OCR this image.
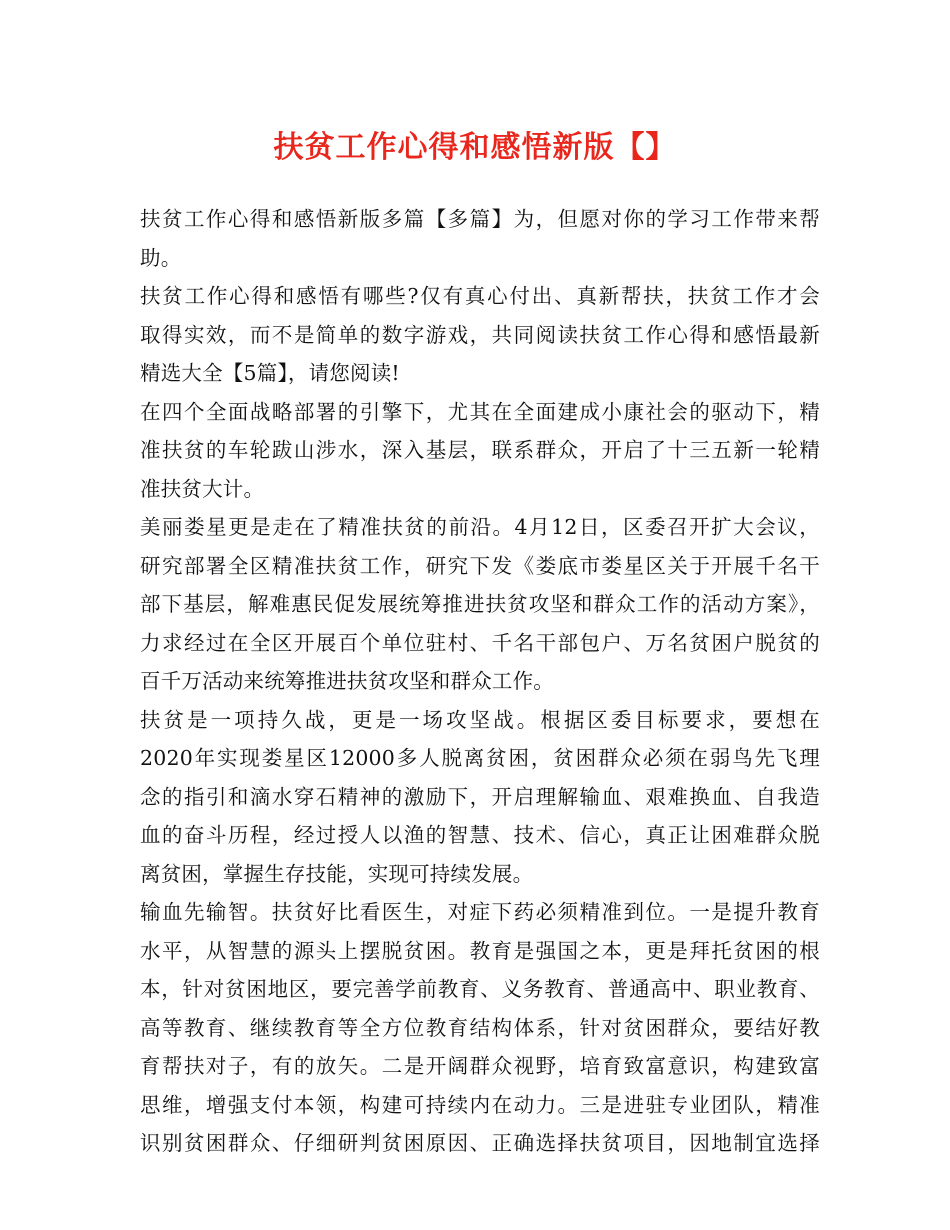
扶贫工作心得和感悟新版【】
扶贫工作心得和感悟新版多篇【多篇】为，但愿对你的学习工作带来帮
助。
扶贫工作心得和感悟有哪些?仅有真心付出、真新帮扶，扶贫工作才会
取得实效，而不是简单的数字游戏，共同阅读扶贫工作心得和感悟最新
精选大全【5篇】，请您阅读!
在四个全面战略部署的引擎下，尤其在全面建成小康社会的驱动下，精
准扶贫的车轮跋山涉水，深入基层，联系群众，开启了十三五新一轮精
准扶贫大计。
美丽娄星更是走在了精准扶贫的前沿。4月12日，区委召开扩大会议，
研究部署全区精准扶贫工作，研究下发《娄底市娄星区关于开展千名干
部下基层，解难惠民促发展统筹推进扶贫攻坚和群众工作的活动方案》，
力求经过在全区开展百个单位驻村、千名干部包户、万名贫困户脱贫的
百千万活动来统筹推进扶贫攻坚和群众工作。
扶贫是一项持久战，更是一场攻坚战。根据区委目标要求，要想在
2020年实现娄星区12000多人脱离贫困，贫困群众必须在弱鸟先飞理
念的指引和滴水穿石精神的激励下，开启理解输血、艰难换血、自我造
血的奋斗历程，经过授人以渔的智慧、技术、信心，真正让困难群众脱
离贫困，掌握生存技能，实现可持续发展。
输血先输智。扶贫好比看医生，对症下药必须精准到位。一是提升教育
水平，从智慧的源头上摆脱贫困。教育是强国之本，更是拜托贫困的根
本，针对贫困地区，要完善学前教育、义务教育、普通高中、职业教育、
高等教育、继续教育等全方位教育结构体系，针对贫困群众，要结好教
育帮扶对子，有的放矢。二是开阔群众视野，培育致富意识，构建致富
思维，增强支付本领，构建可持续内在动力。三是进驻专业团队，精准
识别贫困群众、仔细研判贫困原因、正确选择扶贫项目，因地制宜选择
